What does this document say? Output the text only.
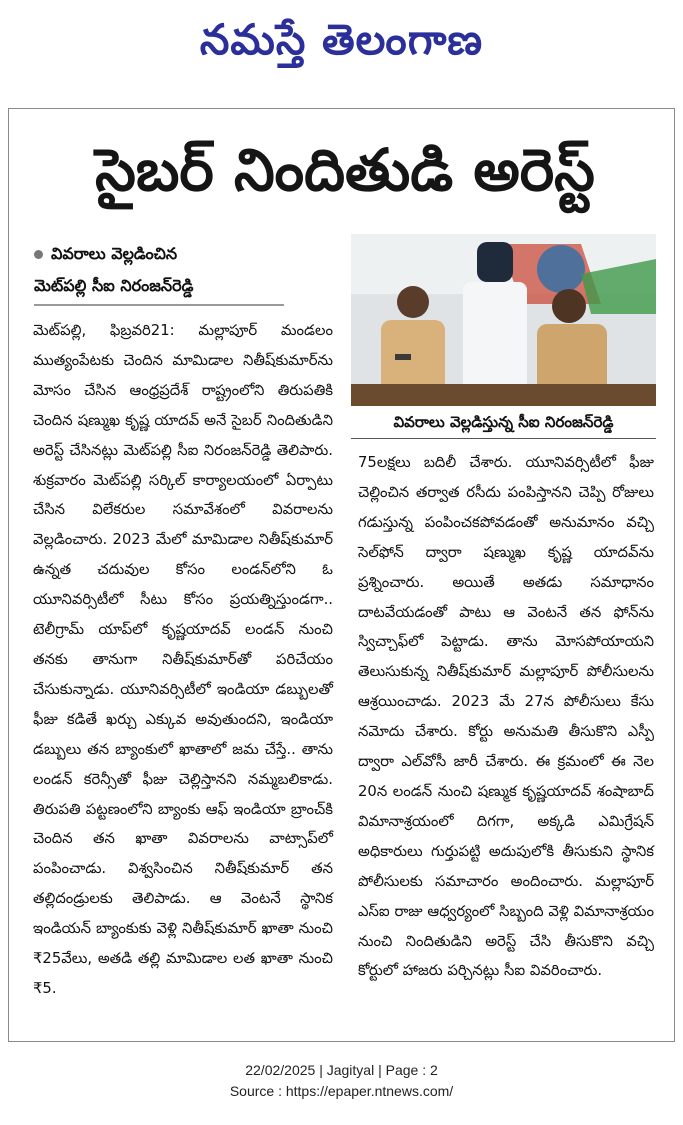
నమస్తే తెలంగాణ
సైబర్ నిందితుడి అరెస్ట్
వివరాలు వెల్లడించిన
మెట్‌పల్లి సీఐ నిరంజన్‌రెడ్డి
వివరాలు వెల్లడిస్తున్న సీఐ నిరంజన్‌రెడ్డి

మెట్‌పల్లి, ఫిబ్రవరి21: మల్లాపూర్ మండలం ముత్యంపేటకు చెందిన మామిడాల నితీష్‌కుమార్‌ను మోసం చేసిన ఆంధ్రప్రదేశ్ రాష్ట్రంలోని తిరుపతికి చెందిన షణ్ముఖ కృష్ణ యాదవ్ అనే సైబర్ నిందితుడిని అరెస్ట్ చేసినట్లు మెట్‌పల్లి సీఐ నిరంజన్‌రెడ్డి తెలిపారు. శుక్రవారం మెట్‌పల్లి సర్కిల్ కార్యాలయంలో ఏర్పాటు చేసిన విలేకరుల సమావేశంలో వివరాలను వెల్లడించారు. 2023 మేలో మామిడాల నితీష్‌కుమార్ ఉన్నత చదువుల కోసం లండన్‌లోని ఓ యూనివర్సిటీలో సీటు కోసం ప్రయత్నిస్తుండగా.. టెలీగ్రామ్ యాప్‌లో కృష్ణయాదవ్ లండన్ నుంచి తనకు తానుగా నితీష్‌కుమార్‌తో పరిచేయం చేసుకున్నాడు. యూనివర్సిటీలో ఇండియా డబ్బులతో ఫీజు కడితే ఖర్చు ఎక్కువ అవుతుందని, ఇండియా డబ్బులు తన బ్యాంకులో ఖాతాలో జమ చేస్తే.. తాను లండన్ కరెన్సీతో ఫీజు చెల్లిస్తానని నమ్మబలికాడు. తిరుపతి పట్టణంలోని బ్యాంకు ఆఫ్ ఇండియా బ్రాంచ్‌కి చెందిన తన ఖాతా వివరాలను వాట్సాప్‌లో పంపించాడు. విశ్వసించిన నితీష్‌కుమార్ తన తల్లిదండ్రులకు తెలిపాడు. ఆ వెంటనే స్థానిక ఇండియన్ బ్యాంకుకు వెళ్లి నితీష్‌కుమార్ ఖాతా నుంచి ₹25వేలు, అతడి తల్లి మామిడాల లత ఖాతా నుంచి ₹5.

75లక్షలు బదిలీ చేశారు. యూనివర్సిటీలో ఫీజు చెల్లించిన తర్వాత రసీదు పంపిస్తానని చెప్పి రోజులు గడుస్తున్న పంపించకపోవడంతో అనుమానం వచ్చి సెల్‌ఫోన్ ద్వారా షణ్ముఖ కృష్ణ యాదవ్‌ను ప్రశ్నించారు. అయితే అతడు సమాధానం దాటవేయడంతో పాటు ఆ వెంటనే తన ఫోన్‌ను స్విచ్చాఫ్‌లో పెట్టాడు. తాను మోసపోయాయని తెలుసుకున్న నితీష్‌కుమార్ మల్లాపూర్ పోలీసులను ఆశ్రయించాడు. 2023 మే 27న పోలీసులు కేసు నమోదు చేశారు. కోర్టు అనుమతి తీసుకొని ఎస్పీ ద్వారా ఎల్‌వోసీ జారీ చేశారు. ఈ క్రమంలో ఈ నెల 20న లండన్ నుంచి షణ్ముక కృష్ణయాదవ్ శంషాబాద్ విమానాశ్రయంలో దిగగా, అక్కడి ఎమిగ్రేషన్ అధికారులు గుర్తుపట్టి అదుపులోకి తీసుకుని స్థానిక పోలీసులకు సమాచారం అందించారు. మల్లాపూర్ ఎస్ఐ రాజు ఆధ్వర్యంలో సిబ్బంది వెళ్లి విమానాశ్రయం నుంచి నిందితుడిని అరెస్ట్ చేసి తీసుకొని వచ్చి కోర్టులో హాజరు పర్చినట్లు సీఐ వివరించారు.

22/02/2025 | Jagityal | Page : 2
Source : https://epaper.ntnews.com/
